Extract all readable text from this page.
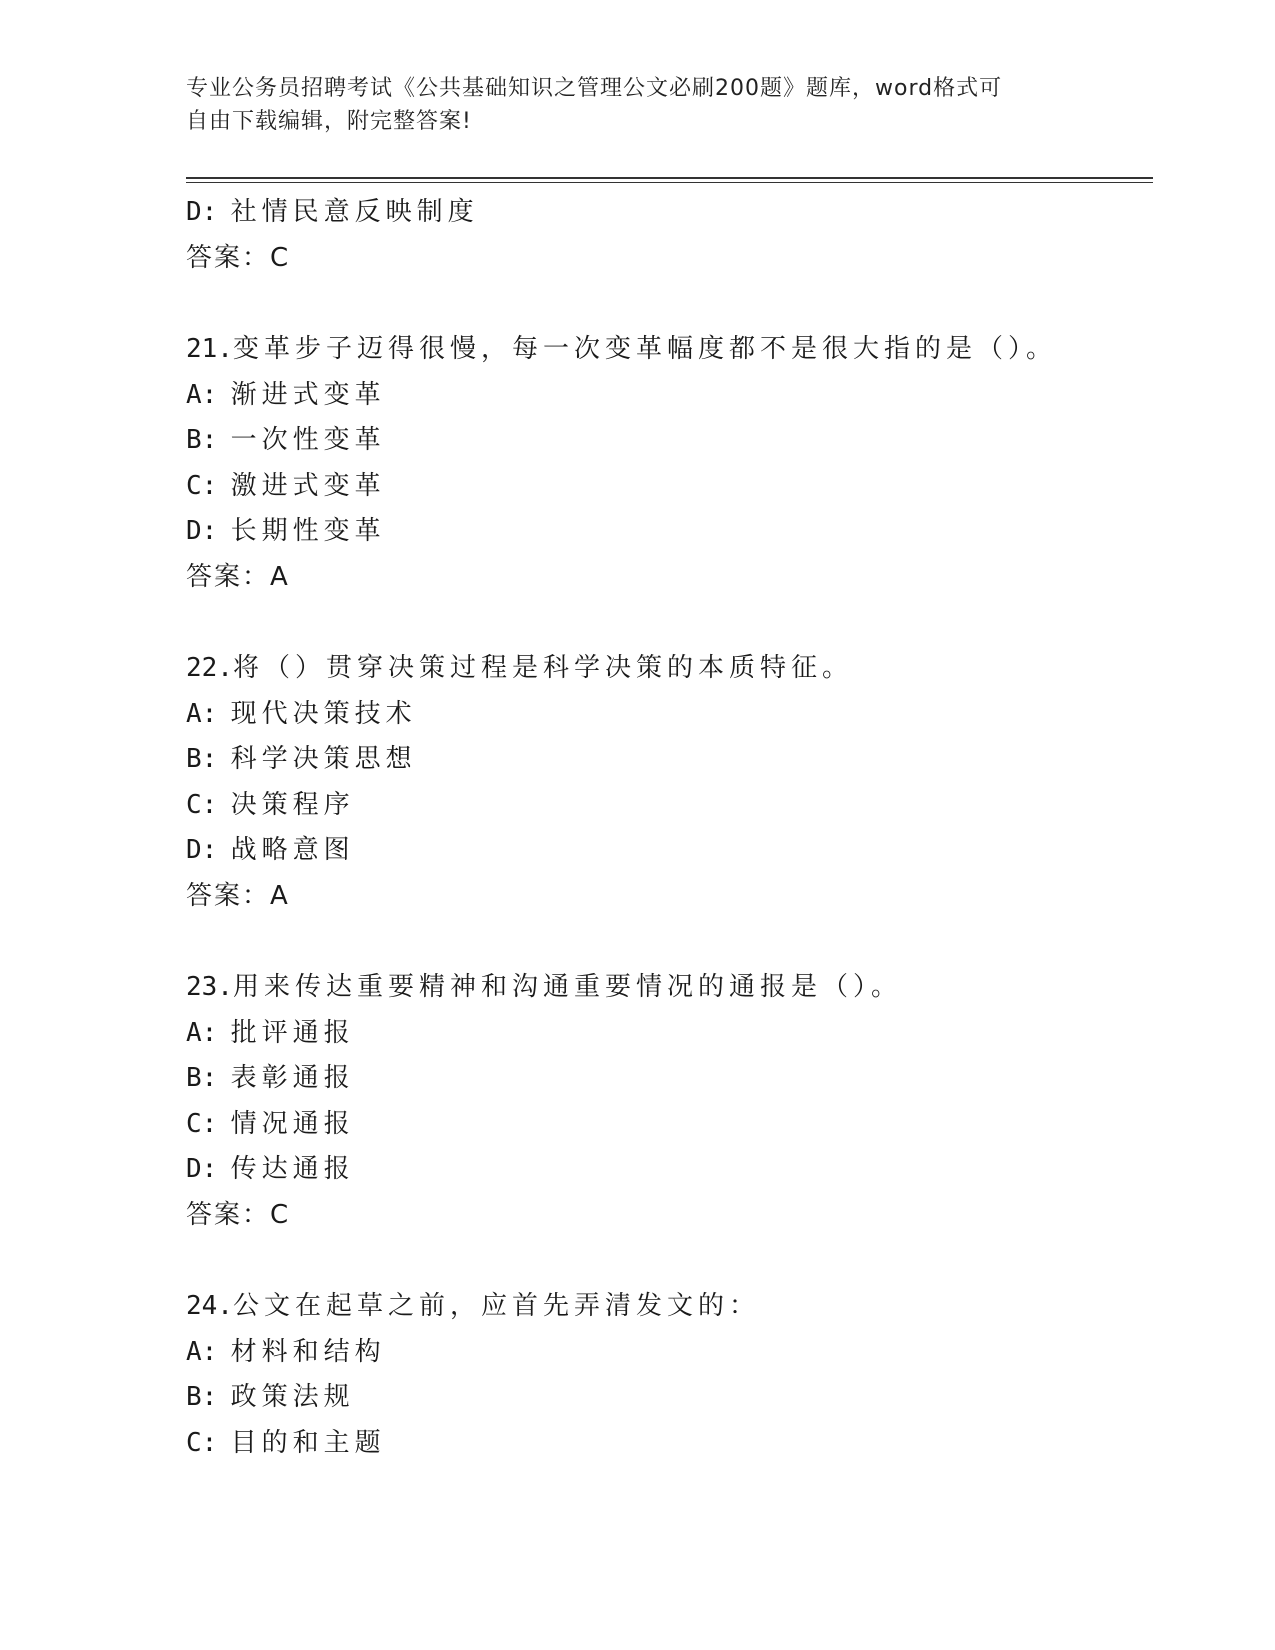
专业公务员招聘考试《公共基础知识之管理公文必刷200题》题库，word格式可
自由下载编辑，附完整答案!
D: 社情民意反映制度
答案：C
21.变革步子迈得很慢，每一次变革幅度都不是很大指的是（）。
A: 渐进式变革
B: 一次性变革
C: 激进式变革
D: 长期性变革
答案：A
22.将（）贯穿决策过程是科学决策的本质特征。
A: 现代决策技术
B: 科学决策思想
C: 决策程序
D: 战略意图
答案：A
23.用来传达重要精神和沟通重要情况的通报是（）。
A: 批评通报
B: 表彰通报
C: 情况通报
D: 传达通报
答案：C
24.公文在起草之前，应首先弄清发文的：
A: 材料和结构
B: 政策法规
C: 目的和主题
